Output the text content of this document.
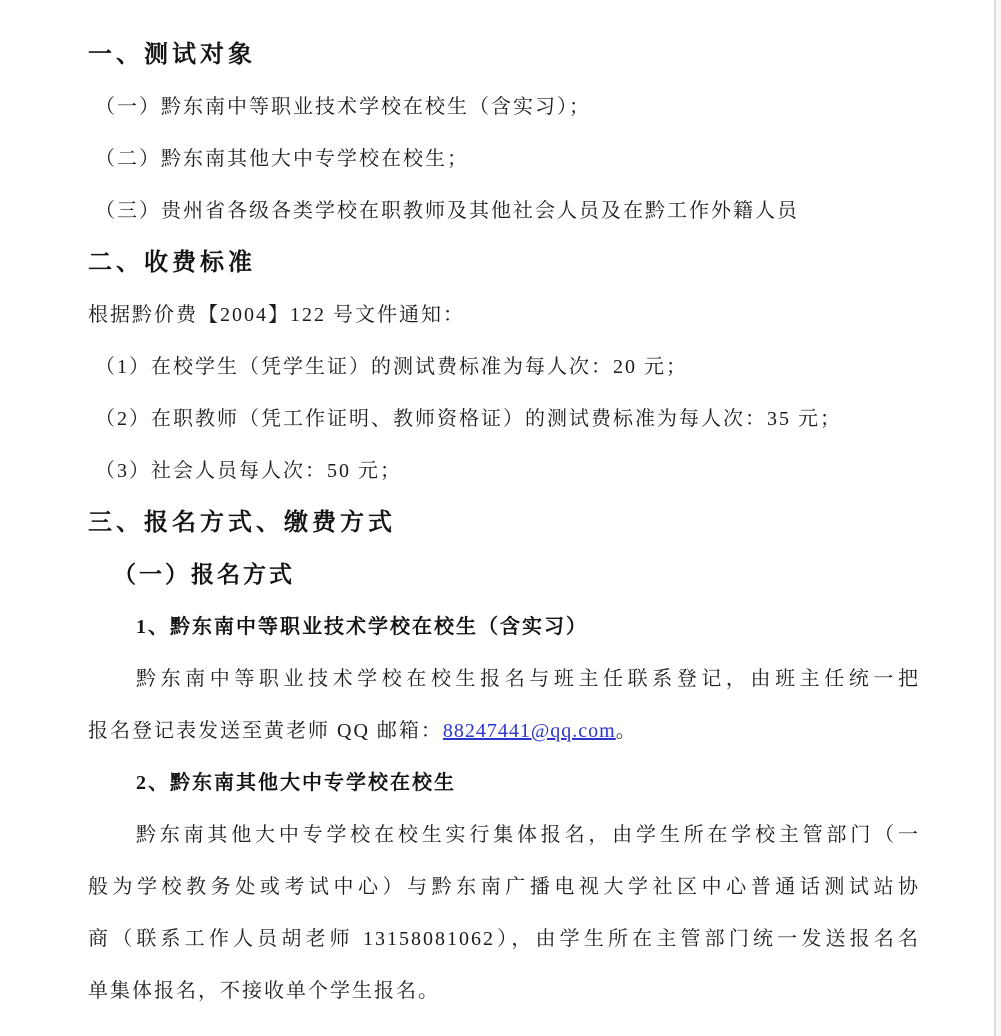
一、测试对象
（一）黔东南中等职业技术学校在校生（含实习）；
（二）黔东南其他大中专学校在校生；
（三）贵州省各级各类学校在职教师及其他社会人员及在黔工作外籍人员
二、收费标准
根据黔价费【2004】122 号文件通知：
（1）在校学生（凭学生证）的测试费标准为每人次：20 元；
（2）在职教师（凭工作证明、教师资格证）的测试费标准为每人次：35 元；
（3）社会人员每人次：50 元；
三、报名方式、缴费方式
（一）报名方式
1、黔东南中等职业技术学校在校生（含实习）
黔东南中等职业技术学校在校生报名与班主任联系登记，由班主任统一把
报名登记表发送至黄老师 QQ 邮箱：88247441@qq.com。
2、黔东南其他大中专学校在校生
黔东南其他大中专学校在校生实行集体报名，由学生所在学校主管部门（一
般为学校教务处或考试中心）与黔东南广播电视大学社区中心普通话测试站协
商（联系工作人员胡老师 13158081062），由学生所在主管部门统一发送报名名
单集体报名，不接收单个学生报名。
